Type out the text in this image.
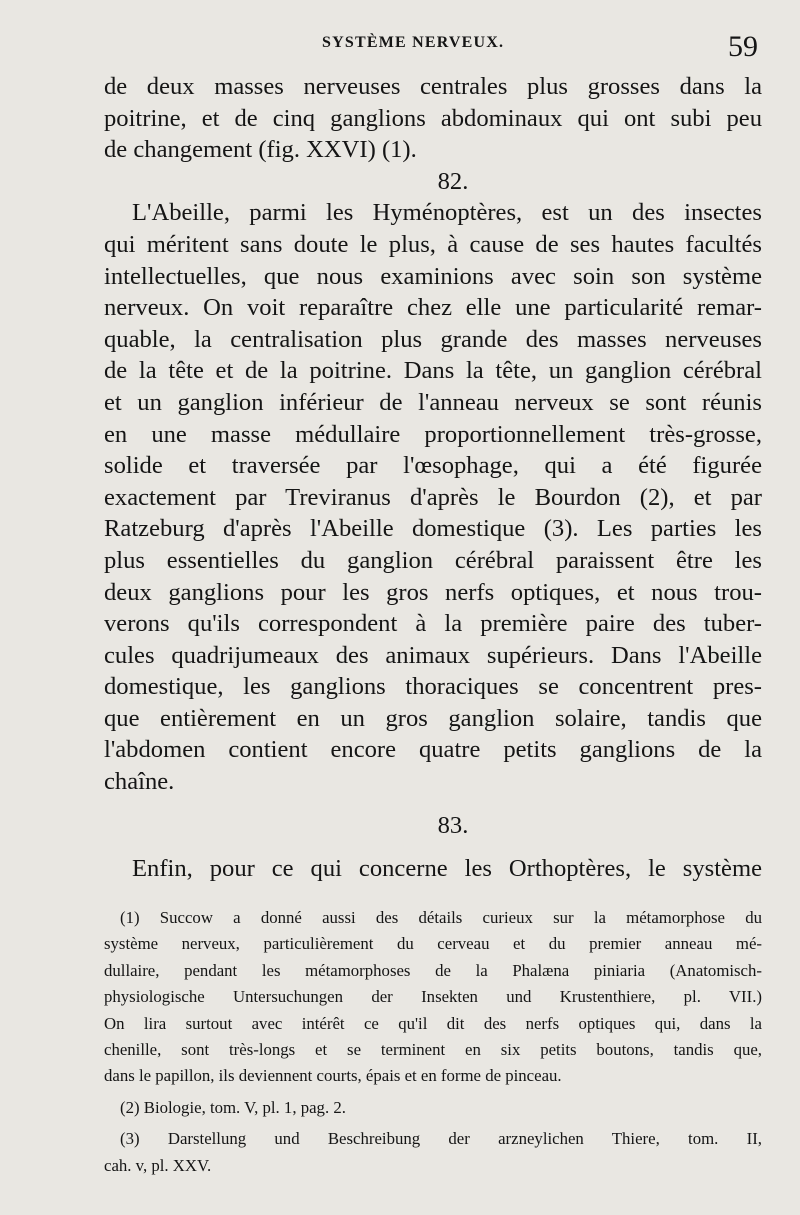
SYSTÈME NERVEUX.	59
de deux masses nerveuses centrales plus grosses dans la
poitrine, et de cinq ganglions abdominaux qui ont subi peu
de changement (fig. XXVI) (1).
82.
L'Abeille, parmi les Hyménoptères, est un des insectes
qui méritent sans doute le plus, à cause de ses hautes facultés
intellectuelles, que nous examinions avec soin son système
nerveux. On voit reparaître chez elle une particularité remar-
quable, la centralisation plus grande des masses nerveuses
de la tête et de la poitrine. Dans la tête, un ganglion cérébral
et un ganglion inférieur de l'anneau nerveux se sont réunis
en une masse médullaire proportionnellement très-grosse,
solide et traversée par l'œsophage, qui a été figurée
exactement par Treviranus d'après le Bourdon (2), et par
Ratzeburg d'après l'Abeille domestique (3). Les parties les
plus essentielles du ganglion cérébral paraissent être les
deux ganglions pour les gros nerfs optiques, et nous trou-
verons qu'ils correspondent à la première paire des tuber-
cules quadrijumeaux des animaux supérieurs. Dans l'Abeille
domestique, les ganglions thoraciques se concentrent pres-
que entièrement en un gros ganglion solaire, tandis que
l'abdomen contient encore quatre petits ganglions de la
chaîne.
83.
Enfin, pour ce qui concerne les Orthoptères, le système
(1) Succow a donné aussi des détails curieux sur la métamorphose du
système nerveux, particulièrement du cerveau et du premier anneau mé-
dullaire, pendant les métamorphoses de la Phalæna piniaria (Anatomisch-
physiologische Untersuchungen der Insekten und Krustenthiere, pl. VII.)
On lira surtout avec intérêt ce qu'il dit des nerfs optiques qui, dans la
chenille, sont très-longs et se terminent en six petits boutons, tandis que,
dans le papillon, ils deviennent courts, épais et en forme de pinceau.
(2) Biologie, tom. V, pl. 1, pag. 2.
(3) Darstellung und Beschreibung der arzneylichen Thiere, tom. II,
cah. v, pl. XXV.
